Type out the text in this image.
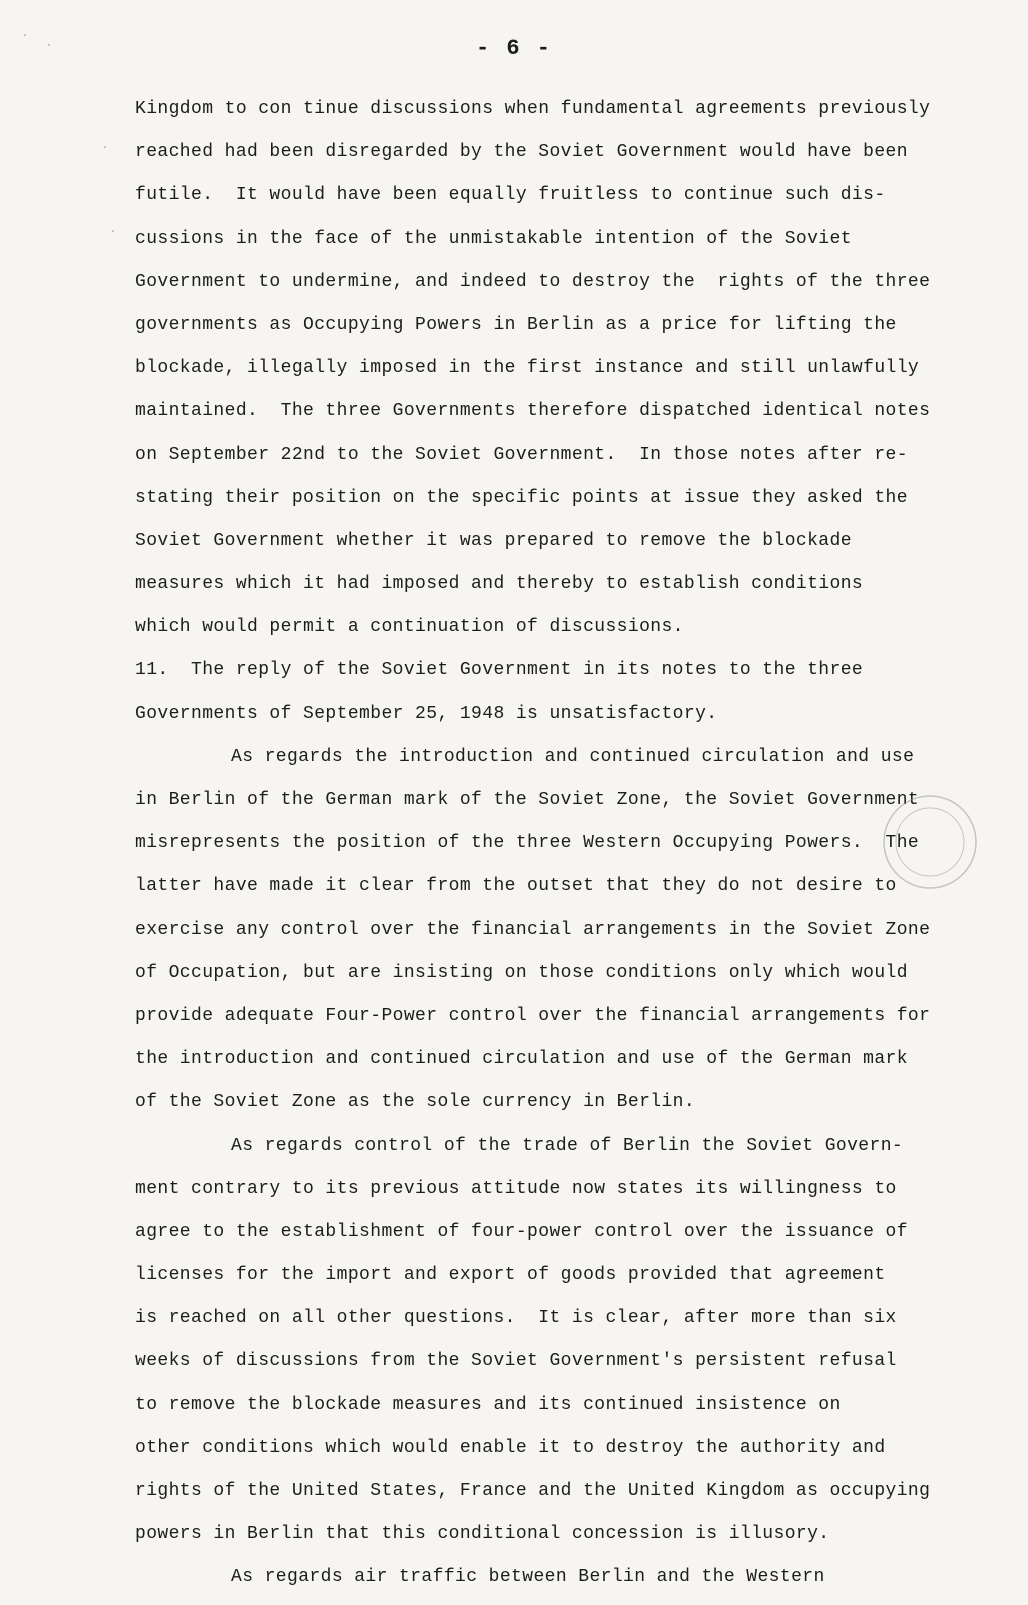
- 6 -
Kingdom to con tinue discussions when fundamental agreements previously
reached had been disregarded by the Soviet Government would have been
futile.  It would have been equally fruitless to continue such dis-
cussions in the face of the unmistakable intention of the Soviet
Government to undermine, and indeed to destroy the  rights of the three
governments as Occupying Powers in Berlin as a price for lifting the
blockade, illegally imposed in the first instance and still unlawfully
maintained.  The three Governments therefore dispatched identical notes
on September 22nd to the Soviet Government.  In those notes after re-
stating their position on the specific points at issue they asked the
Soviet Government whether it was prepared to remove the blockade
measures which it had imposed and thereby to establish conditions
which would permit a continuation of discussions.
11.  The reply of the Soviet Government in its notes to the three
Governments of September 25, 1948 is unsatisfactory.
As regards the introduction and continued circulation and use
in Berlin of the German mark of the Soviet Zone, the Soviet Government
misrepresents the position of the three Western Occupying Powers.  The
latter have made it clear from the outset that they do not desire to
exercise any control over the financial arrangements in the Soviet Zone
of Occupation, but are insisting on those conditions only which would
provide adequate Four-Power control over the financial arrangements for
the introduction and continued circulation and use of the German mark
of the Soviet Zone as the sole currency in Berlin.
As regards control of the trade of Berlin the Soviet Govern-
ment contrary to its previous attitude now states its willingness to
agree to the establishment of four-power control over the issuance of
licenses for the import and export of goods provided that agreement
is reached on all other questions.  It is clear, after more than six
weeks of discussions from the Soviet Government's persistent refusal
to remove the blockade measures and its continued insistence on
other conditions which would enable it to destroy the authority and
rights of the United States, France and the United Kingdom as occupying
powers in Berlin that this conditional concession is illusory.
As regards air traffic between Berlin and the Western
